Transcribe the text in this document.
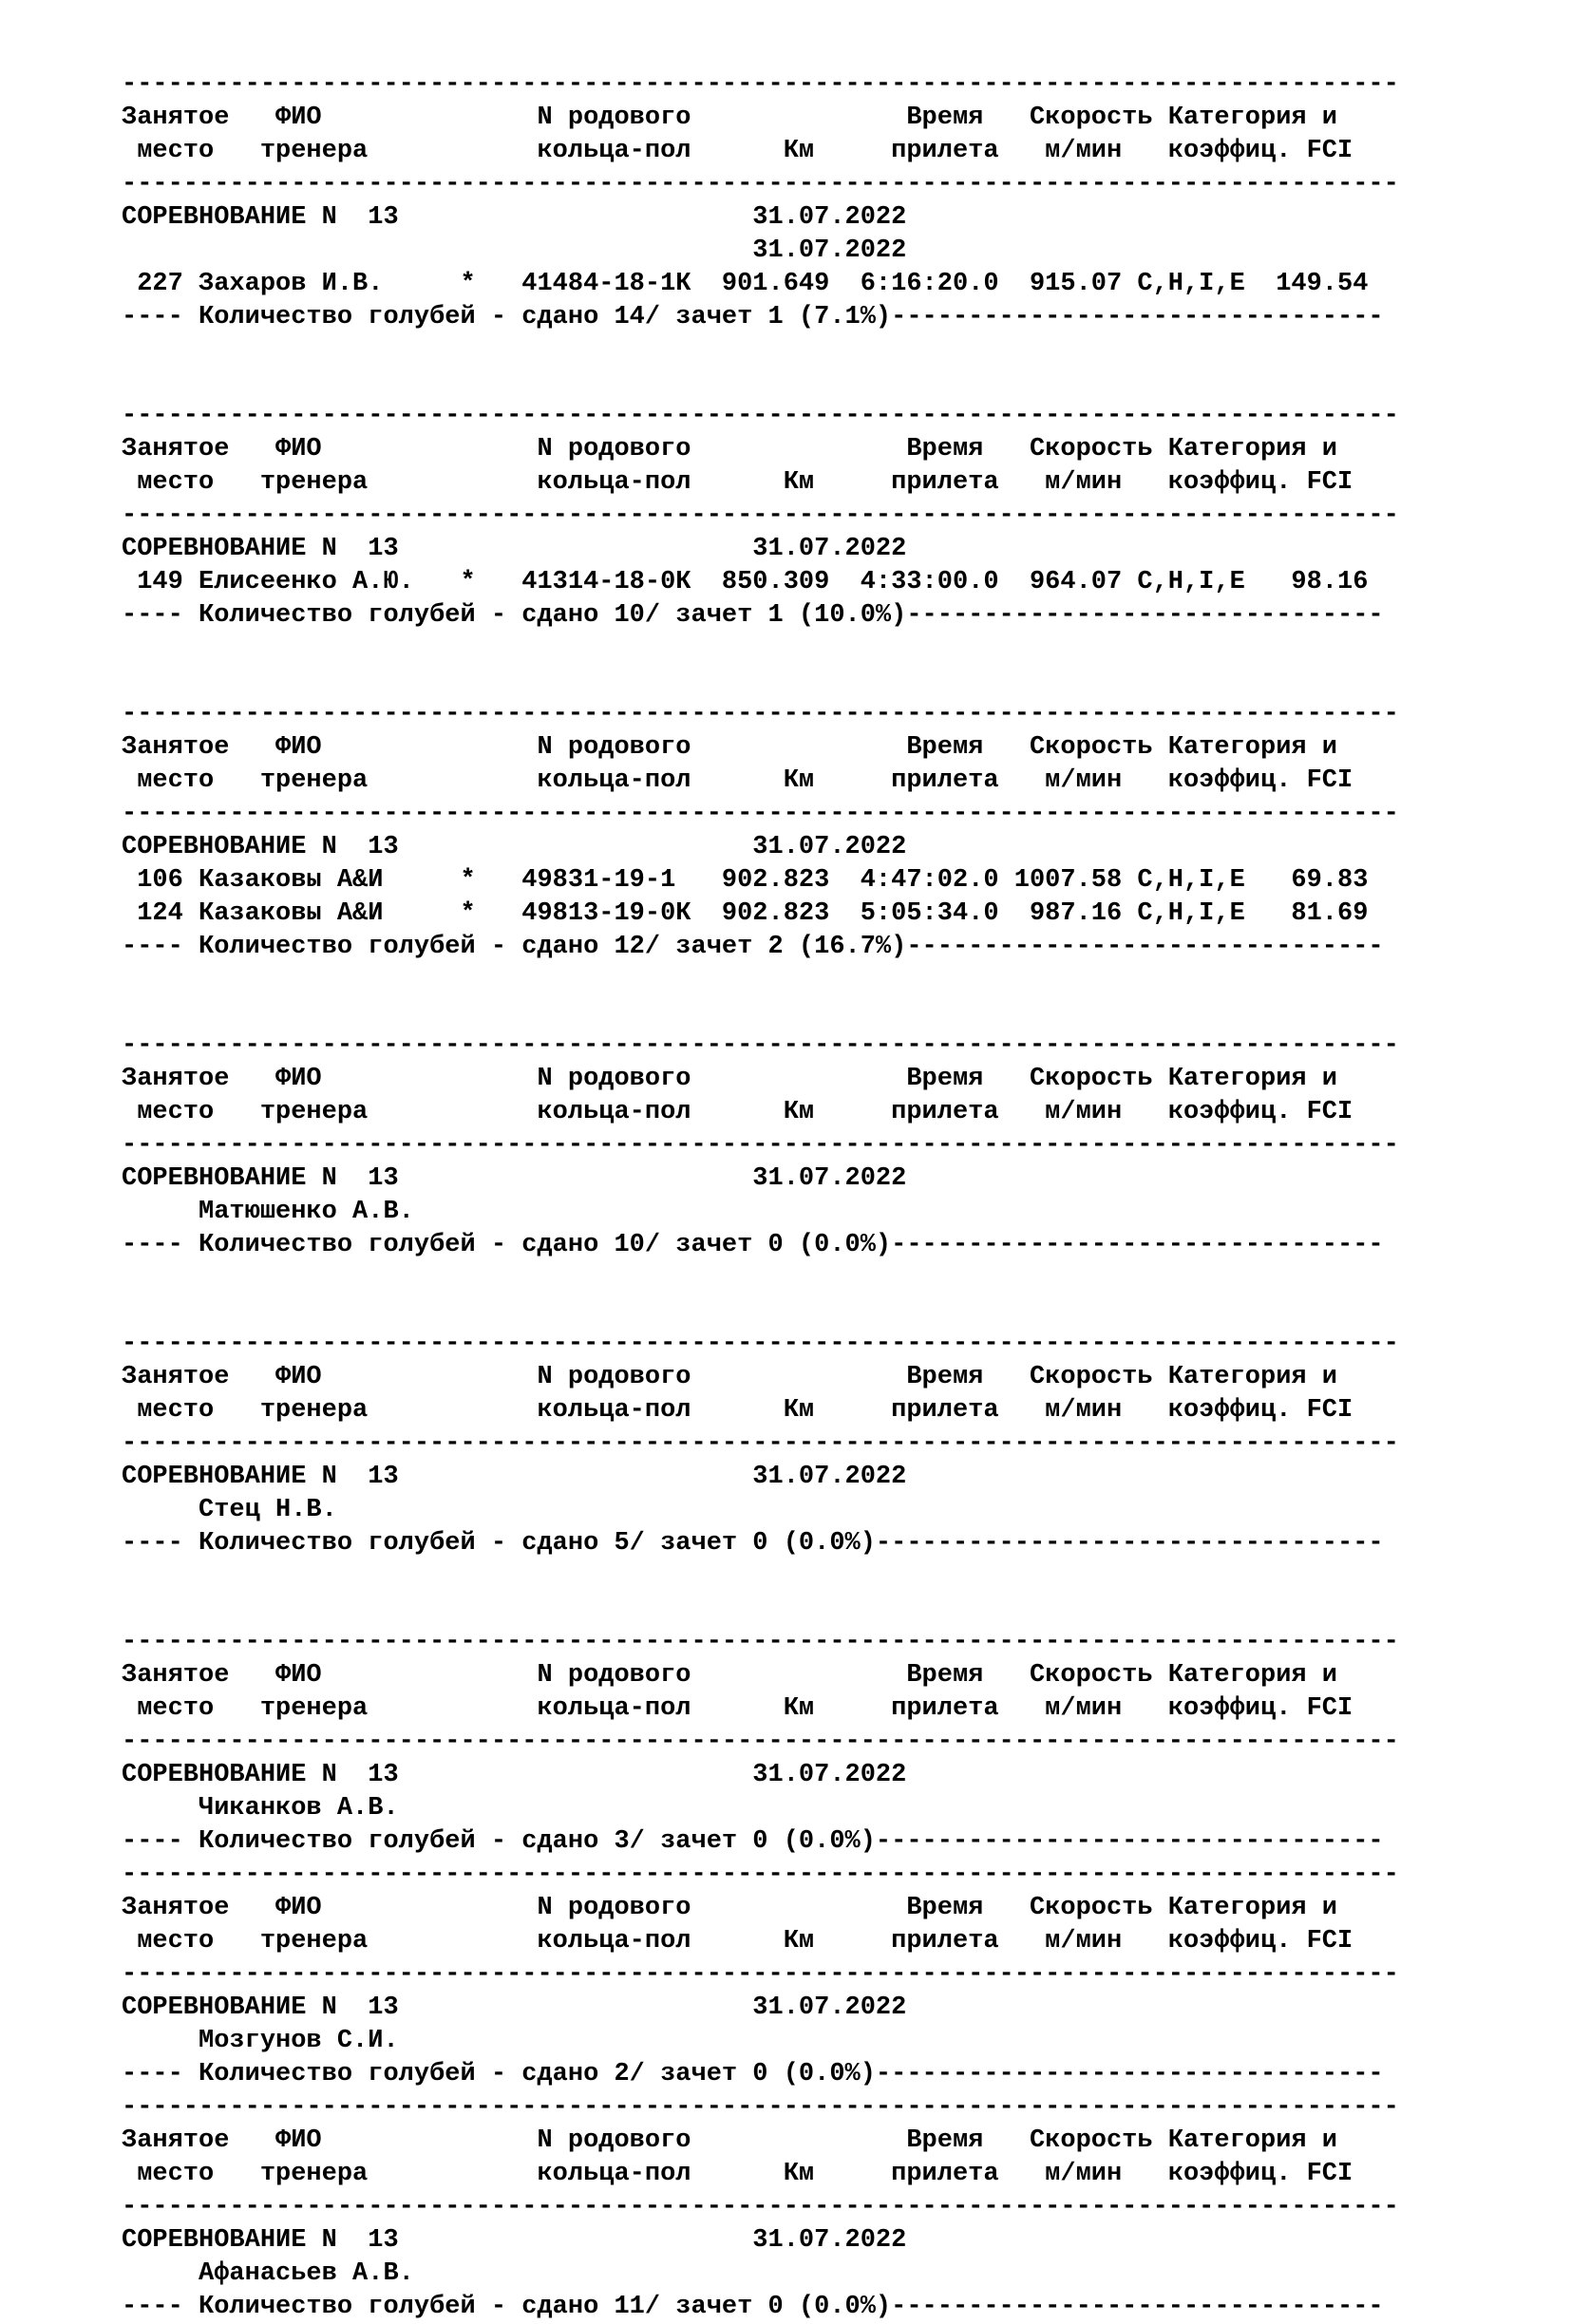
-----------------------------------------------------------------------------------
Занятое   ФИО              N родового              Время   Скорость Категория и
место   тренера           кольца-пол      Км     прилета   м/мин   коэффиц. FCI
-----------------------------------------------------------------------------------
СОРЕВНОВАНИЕ N  13                       31.07.2022
31.07.2022
227 Захаров И.В.     *   41484-18-1К  901.649  6:16:20.0  915.07 C,H,I,E  149.54
---- Количество голубей - сдано 14/ зачет 1 (7.1%)--------------------------------
-----------------------------------------------------------------------------------
Занятое   ФИО              N родового              Время   Скорость Категория и
место   тренера           кольца-пол      Км     прилета   м/мин   коэффиц. FCI
-----------------------------------------------------------------------------------
СОРЕВНОВАНИЕ N  13                       31.07.2022
149 Елисеенко А.Ю.   *   41314-18-0К  850.309  4:33:00.0  964.07 C,H,I,E   98.16
---- Количество голубей - сдано 10/ зачет 1 (10.0%)-------------------------------
-----------------------------------------------------------------------------------
Занятое   ФИО              N родового              Время   Скорость Категория и
место   тренера           кольца-пол      Км     прилета   м/мин   коэффиц. FCI
-----------------------------------------------------------------------------------
СОРЕВНОВАНИЕ N  13                       31.07.2022
106 Казаковы А&И     *   49831-19-1   902.823  4:47:02.0 1007.58 C,H,I,E   69.83
124 Казаковы А&И     *   49813-19-0К  902.823  5:05:34.0  987.16 C,H,I,E   81.69
---- Количество голубей - сдано 12/ зачет 2 (16.7%)-------------------------------
-----------------------------------------------------------------------------------
Занятое   ФИО              N родового              Время   Скорость Категория и
место   тренера           кольца-пол      Км     прилета   м/мин   коэффиц. FCI
-----------------------------------------------------------------------------------
СОРЕВНОВАНИЕ N  13                       31.07.2022
Матюшенко А.В.
---- Количество голубей - сдано 10/ зачет 0 (0.0%)--------------------------------
-----------------------------------------------------------------------------------
Занятое   ФИО              N родового              Время   Скорость Категория и
место   тренера           кольца-пол      Км     прилета   м/мин   коэффиц. FCI
-----------------------------------------------------------------------------------
СОРЕВНОВАНИЕ N  13                       31.07.2022
Стец Н.В.
---- Количество голубей - сдано 5/ зачет 0 (0.0%)---------------------------------
-----------------------------------------------------------------------------------
Занятое   ФИО              N родового              Время   Скорость Категория и
место   тренера           кольца-пол      Км     прилета   м/мин   коэффиц. FCI
-----------------------------------------------------------------------------------
СОРЕВНОВАНИЕ N  13                       31.07.2022
Чиканков А.В.
---- Количество голубей - сдано 3/ зачет 0 (0.0%)---------------------------------
-----------------------------------------------------------------------------------
Занятое   ФИО              N родового              Время   Скорость Категория и
место   тренера           кольца-пол      Км     прилета   м/мин   коэффиц. FCI
-----------------------------------------------------------------------------------
СОРЕВНОВАНИЕ N  13                       31.07.2022
Мозгунов С.И.
---- Количество голубей - сдано 2/ зачет 0 (0.0%)---------------------------------
-----------------------------------------------------------------------------------
Занятое   ФИО              N родового              Время   Скорость Категория и
место   тренера           кольца-пол      Км     прилета   м/мин   коэффиц. FCI
-----------------------------------------------------------------------------------
СОРЕВНОВАНИЕ N  13                       31.07.2022
Афанасьев А.В.
---- Количество голубей - сдано 11/ зачет 0 (0.0%)--------------------------------
